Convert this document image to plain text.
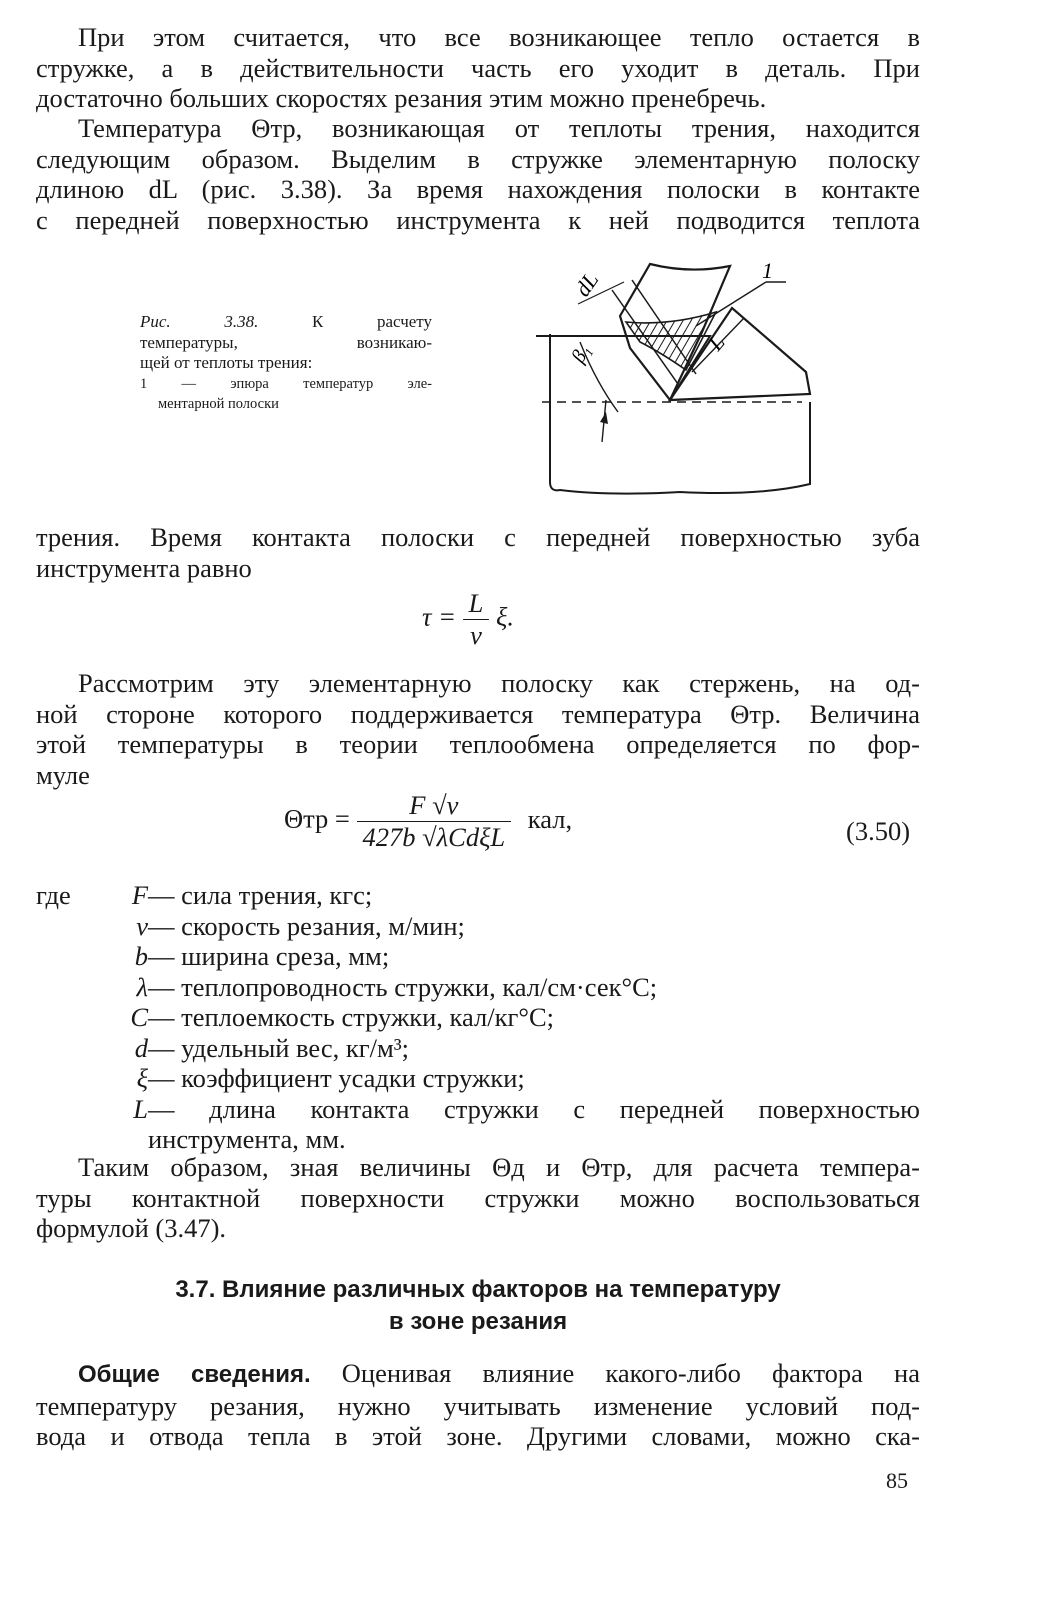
При этом считается, что все возникающее тепло остается в
стружке, а в действительности часть его уходит в деталь. При
достаточно больших скоростях резания этим можно пренебречь.
Температура Θтр, возникающая от теплоты трения, находится
следующим образом. Выделим в стружке элементарную полоску
длиною dL (рис. 3.38). За время нахождения полоски в контакте
с передней поверхностью инструмента к ней подводится теплота
Рис. 3.38.	К расчету
температуры, возникаю-
щей от теплоты трения:
1 — эпюра температур эле-
ментарной полоски
dL	1
β₁	L
трения. Время контакта полоски с передней поверхностью зуба
инструмента равно
$\tau = \frac{L}{v} \xi$.
Рассмотрим эту элементарную полоску как стержень, на од-
ной стороне которого поддерживается температура Θтр. Величина
этой температуры в теории теплообмена определяется по фор-
муле
$\Theta тр = \frac{F √v}{\text{427b √λCdξL}}$ кал,	(3.50)
где	F — сила трения, кгс;
v — скорость резания, м/мин;
b — ширина среза, мм;
λ — теплопроводность стружки, кал/см·сек°С;
C — теплоемкость стружки, кал/кг°С;
d — удельный вес, кг/м³;
ξ — коэффициент усадки стружки;
L — длина контакта стружки с передней поверхностью
инструмента, мм.
Таким образом, зная величины Θд и Θтр, для расчета темпера-
туры контактной поверхности стружки можно воспользоваться
формулой (3.47).
3.7. Влияние различных факторов на температуру
в зоне резания
Общие сведения. Оценивая влияние какого-либо фактора на
температуру резания, нужно учитывать изменение условий под-
вода и отвода тепла в этой зоне. Другими словами, можно ска-
85
